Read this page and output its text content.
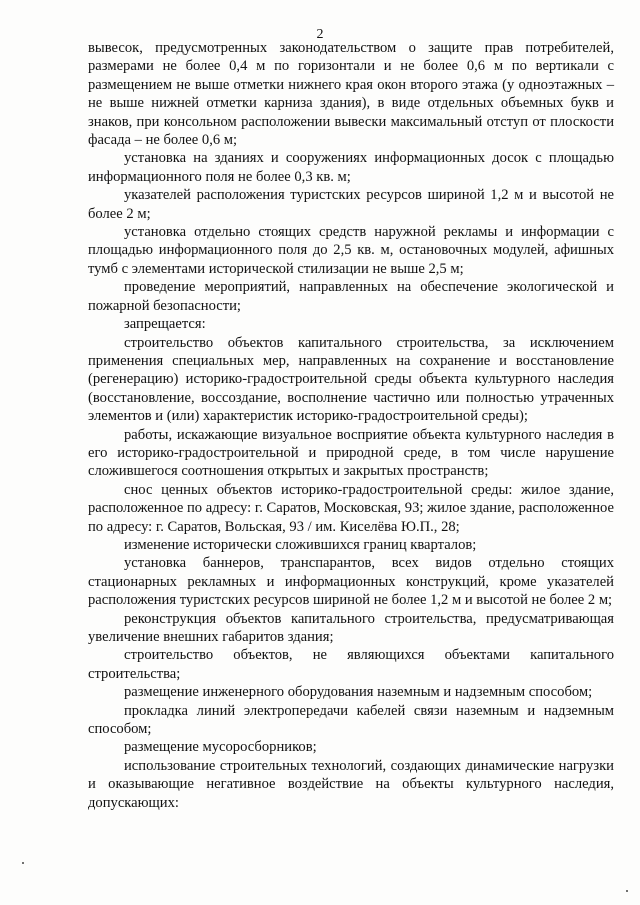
2

вывесок, предусмотренных законодательством о защите прав потребителей, размерами не более 0,4 м по горизонтали и не более 0,6 м по вертикали с размещением не выше отметки нижнего края окон второго этажа (у одноэтажных – не выше нижней отметки карниза здания), в виде отдельных объемных букв и знаков, при консольном расположении вывески максимальный отступ от плоскости фасада – не более 0,6 м;

установка на зданиях и сооружениях информационных досок с площадью информационного поля не более 0,3 кв. м;

указателей расположения туристских ресурсов шириной 1,2 м и высотой не более 2 м;

установка отдельно стоящих средств наружной рекламы и информации с площадью информационного поля до 2,5 кв. м, остановочных модулей, афишных тумб с элементами исторической стилизации не выше 2,5 м;

проведение мероприятий, направленных на обеспечение экологической и пожарной безопасности;

запрещается:

строительство объектов капитального строительства, за исключением применения специальных мер, направленных на сохранение и восстановление (регенерацию) историко-градостроительной среды объекта культурного наследия (восстановление, воссоздание, восполнение частично или полностью утраченных элементов и (или) характеристик историко-градостроительной среды);

работы, искажающие визуальное восприятие объекта культурного наследия в его историко-градостроительной и природной среде, в том числе нарушение сложившегося соотношения открытых и закрытых пространств;

снос ценных объектов историко-градостроительной среды: жилое здание, расположенное по адресу: г. Саратов, Московская, 93; жилое здание, расположенное по адресу: г. Саратов, Вольская, 93 / им. Киселёва Ю.П., 28;

изменение исторически сложившихся границ кварталов;

установка баннеров, транспарантов, всех видов отдельно стоящих стационарных рекламных и информационных конструкций, кроме указателей расположения туристских ресурсов шириной не более 1,2 м и высотой не более 2 м;

реконструкция объектов капитального строительства, предусматривающая увеличение внешних габаритов здания;

строительство объектов, не являющихся объектами капитального строительства;

размещение инженерного оборудования наземным и надземным способом;

прокладка линий электропередачи кабелей связи наземным и надземным способом;

размещение мусоросборников;

использование строительных технологий, создающих динамические нагрузки и оказывающие негативное воздействие на объекты культурного наследия, допускающих:
